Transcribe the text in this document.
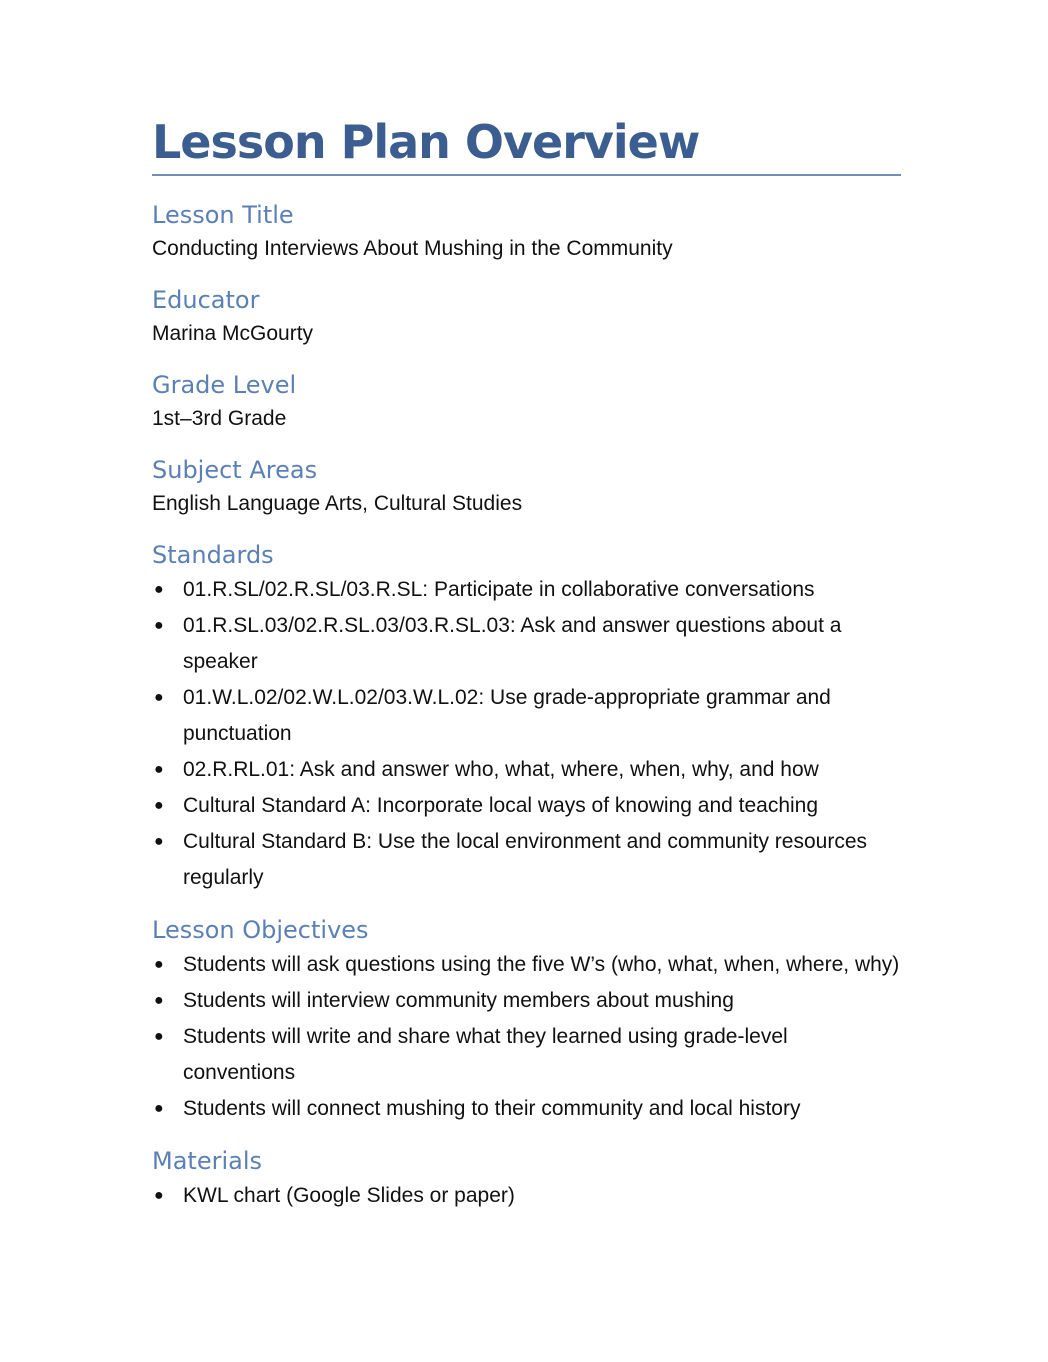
Lesson Plan Overview
Lesson Title

Conducting Interviews About Mushing in the Community

Educator

Marina McGourty

Grade Level

1st–3rd Grade

Subject Areas

English Language Arts, Cultural Studies

Standards
● 01.R.SL/02.R.SL/03.R.SL: Participate in collaborative conversations
● 01.R.SL.03/02.R.SL.03/03.R.SL.03: Ask and answer questions about a speaker
● 01.W.L.02/02.W.L.02/03.W.L.02: Use grade-appropriate grammar and punctuation
● 02.R.RL.01: Ask and answer who, what, where, when, why, and how
● Cultural Standard A: Incorporate local ways of knowing and teaching
● Cultural Standard B: Use the local environment and community resources regularly
Lesson Objectives
● Students will ask questions using the five W’s (who, what, when, where, why)
● Students will interview community members about mushing
● Students will write and share what they learned using grade-level conventions
● Students will connect mushing to their community and local history
Materials
● KWL chart (Google Slides or paper)
